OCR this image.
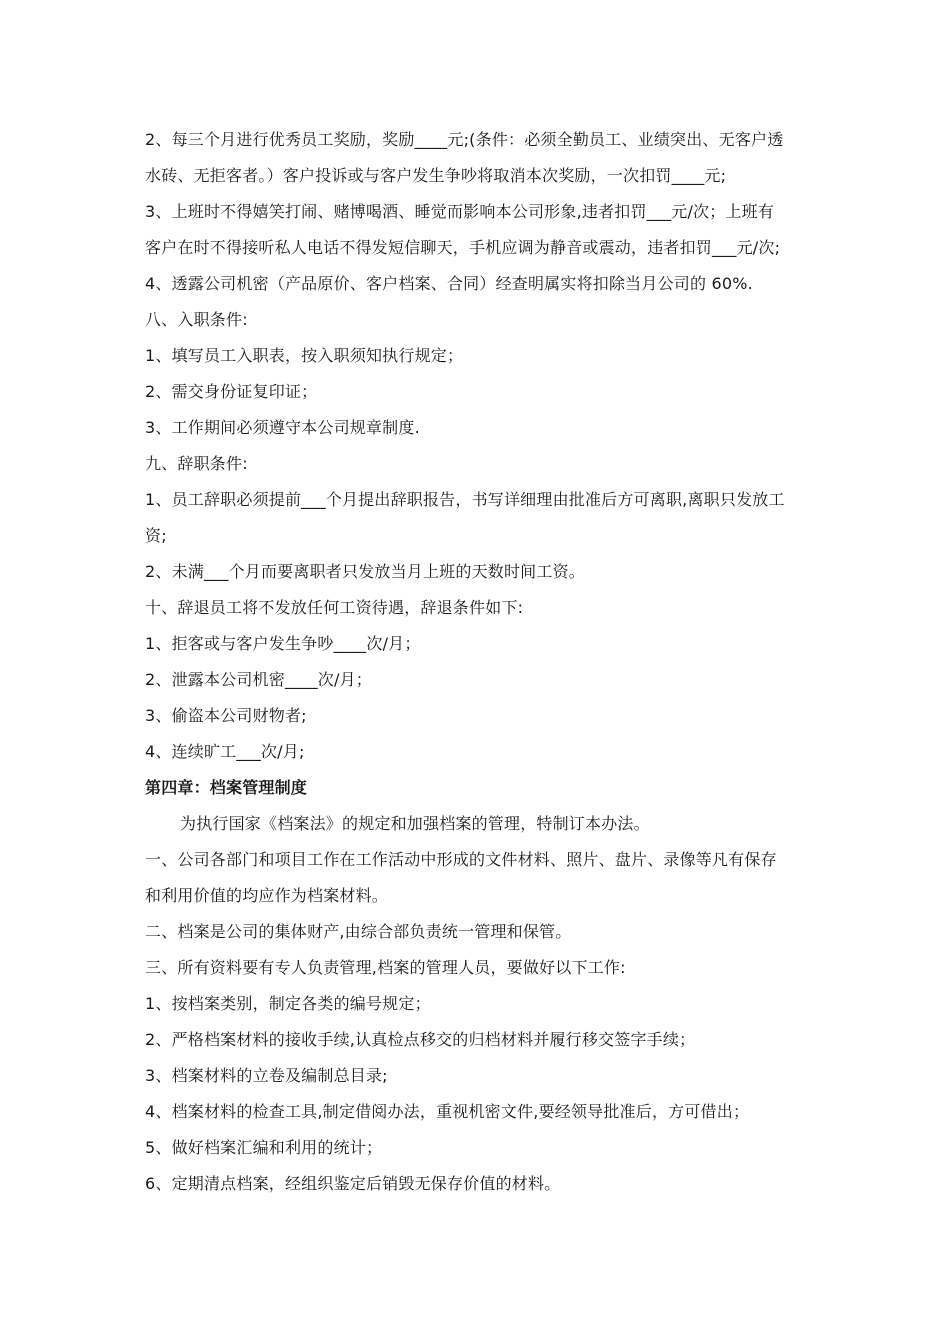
2、每三个月进行优秀员工奖励，奖励____元;(条件：必须全勤员工、业绩突出、无客户透
水砖、无拒客者。）客户投诉或与客户发生争吵将取消本次奖励，一次扣罚____元;
3、上班时不得嬉笑打闹、赌博喝酒、睡觉而影响本公司形象,违者扣罚___元/次；上班有
客户在时不得接听私人电话不得发短信聊天，手机应调为静音或震动，违者扣罚___元/次;
4、透露公司机密（产品原价、客户档案、合同）经查明属实将扣除当月公司的 60%.
八、入职条件:
1、填写员工入职表，按入职须知执行规定；
2、需交身份证复印证；
3、工作期间必须遵守本公司规章制度.
九、辞职条件:
1、员工辞职必须提前___个月提出辞职报告，书写详细理由批准后方可离职,离职只发放工
资;
2、未满___个月而要离职者只发放当月上班的天数时间工资。
十、辞退员工将不发放任何工资待遇，辞退条件如下:
1、拒客或与客户发生争吵____次/月；
2、泄露本公司机密____次/月；
3、偷盗本公司财物者;
4、连续旷工___次/月;
第四章：档案管理制度
为执行国家《档案法》的规定和加强档案的管理，特制订本办法。
一、公司各部门和项目工作在工作活动中形成的文件材料、照片、盘片、录像等凡有保存
和利用价值的均应作为档案材料。
二、档案是公司的集体财产,由综合部负责统一管理和保管。
三、所有资料要有专人负责管理,档案的管理人员，要做好以下工作:
1、按档案类别，制定各类的编号规定；
2、严格档案材料的接收手续,认真检点移交的归档材料并履行移交签字手续；
3、档案材料的立卷及编制总目录;
4、档案材料的检查工具,制定借阅办法，重视机密文件,要经领导批准后，方可借出；
5、做好档案汇编和利用的统计；
6、定期清点档案，经组织鉴定后销毁无保存价值的材料。
